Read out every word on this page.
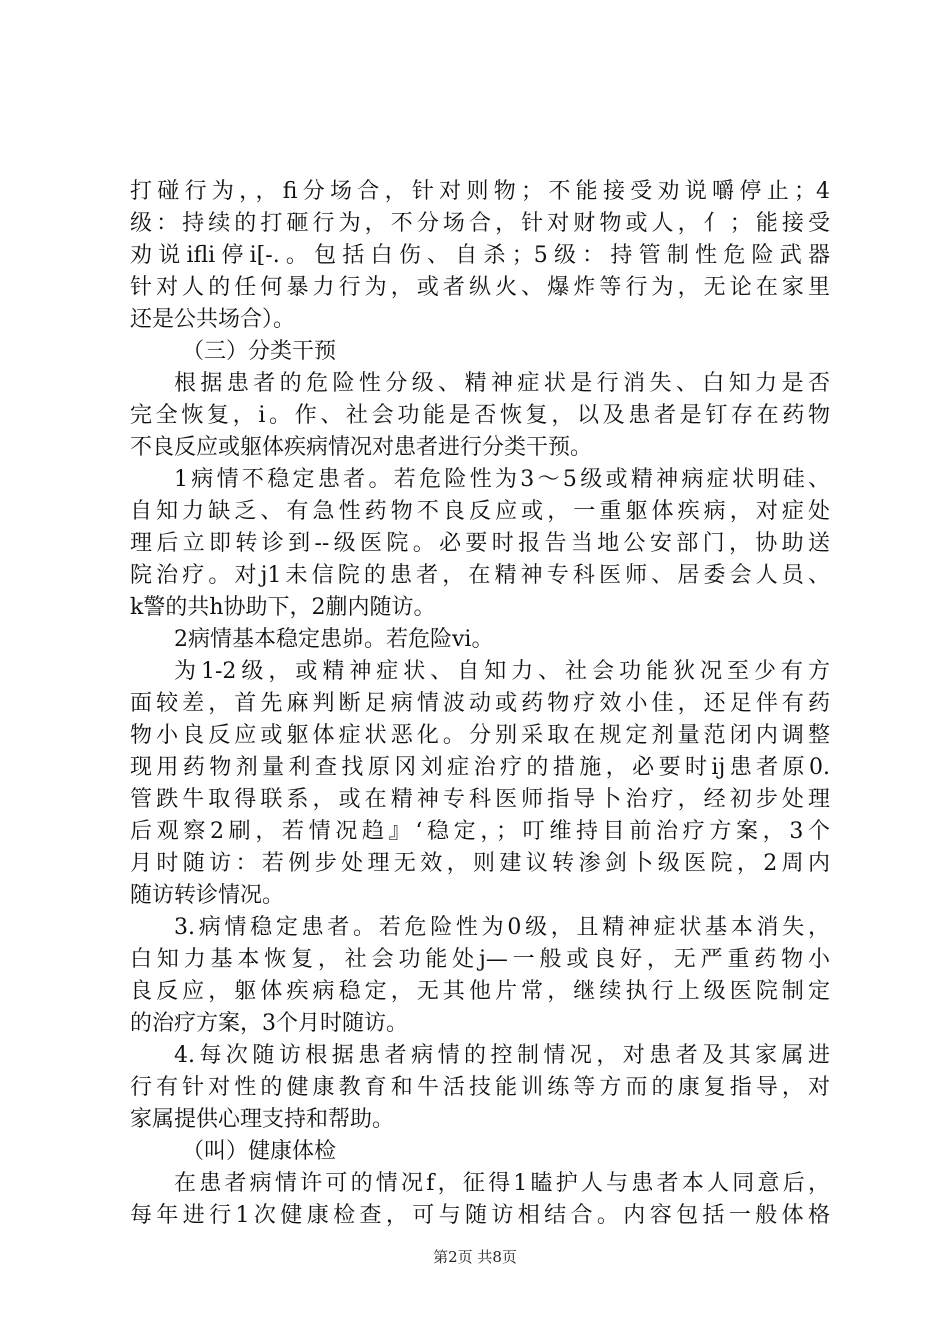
打碰行为，，fi分场合，针对则物；不能接受劝说嚼停止；4
级：持续的打砸行为，不分场合，针对财物或人，亻；能接受
劝说ifli停i[-.。包括白伤、自杀；5级：持管制性危险武器
针对人的任何暴力行为，或者纵火、爆炸等行为，无论在家里
还是公共场合）。
（三）分类干预
根据患者的危险性分级、精神症状是行消失、白知力是否
完全恢复，i。作、社会功能是否恢复，以及患者是钉存在药物
不良反应或躯体疾病情况对患者进行分类干预。
1病情不稳定患者。若危险性为3～5级或精神病症状明硅、
自知力缺乏、有急性药物不良反应或，一重躯体疾病，对症处
理后立即转诊到--级医院。必要时报告当地公安部门，协助送
院治疗。对j1未信院的患者，在精神专科医师、居委会人员、
k警的共h协助下，2蒯内随访。
2病情基本稳定患峁。若危险vi。
为1-2级，或精神症状、自知力、社会功能狄况至少有方
面较差，首先麻判断足病情波动或药物疗效小佳，还足伴有药
物小良反应或躯体症状恶化。分别采取在规定剂量范闭内调整
现用药物剂量利查找原冈刘症治疗的措施，必要时ij患者原0.
管跌牛取得联系，或在精神专科医师指导卜治疗，经初步处理
后观察2刷，若情况趋』‘稳定，；叮维持目前治疗方案，3个
月时随访：若例步处理无效，则建议转渗剑卜级医院，2周内
随访转诊情况。
3.病情稳定患者。若危险性为0级，且精神症状基本消失，
白知力基本恢复，社会功能处j—一般或良好，无严重药物小
良反应，躯体疾病稳定，无其他片常，继续执行上级医院制定
的治疗方案，3个月时随访。
4.每次随访根据患者病情的控制情况，对患者及其家属进
行有针对性的健康教育和牛活技能训练等方而的康复指导，对
家属提供心理支持和帮助。
（叫）健康体检
在患者病情许可的情况f，征得1瞌护人与患者本人同意后，
每年进行1次健康检查，可与随访相结合。内容包括一般体格
第2页 共8页
